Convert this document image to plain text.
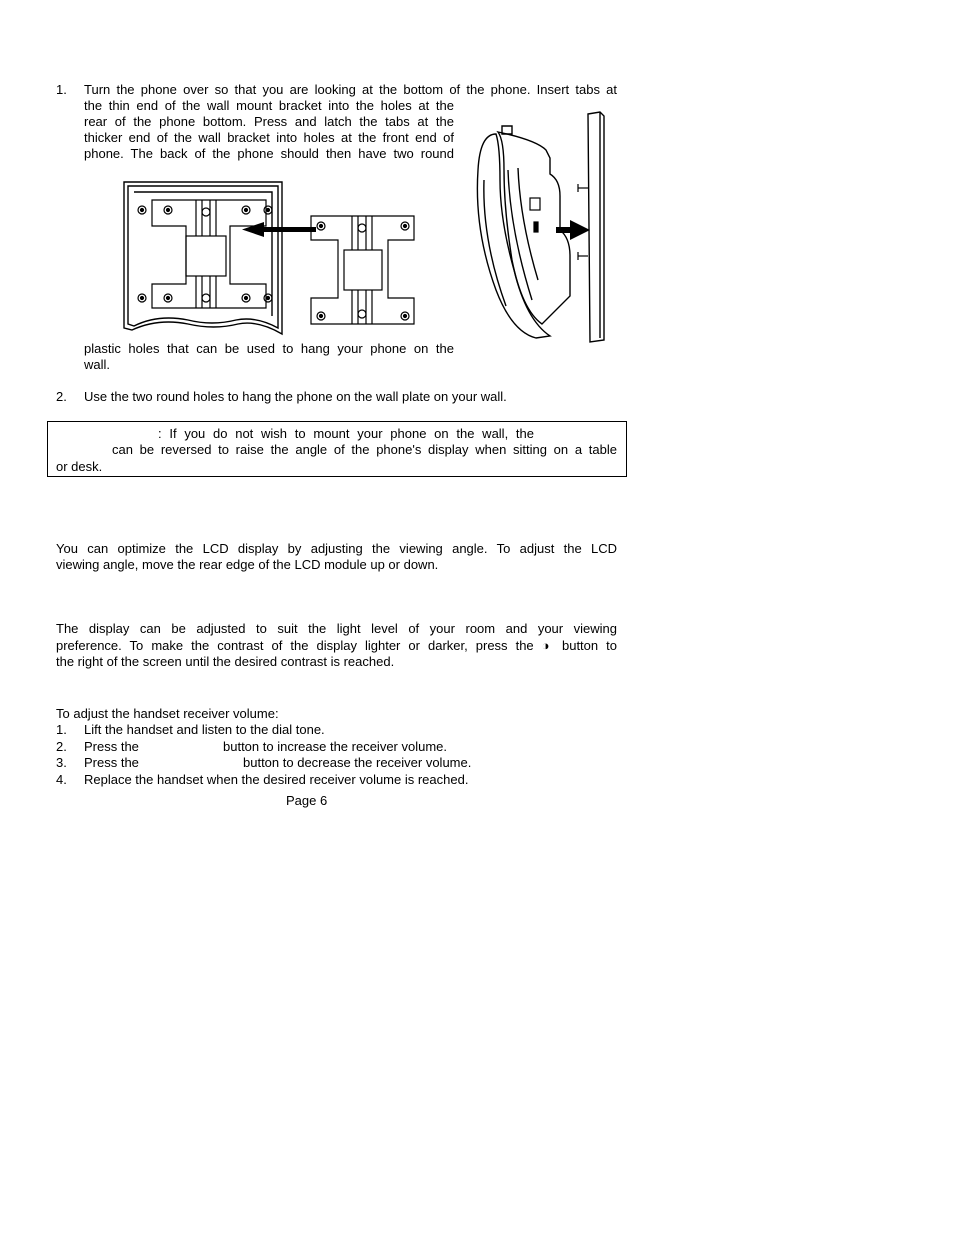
1. Turn the phone over so that you are looking at the bottom of the phone. Insert tabs at
the thin end of the wall mount bracket into the holes at the
rear of the phone bottom. Press and latch the tabs at the
thicker end of the wall bracket into holes at the front end of
phone. The back of the phone should then have two round
plastic holes that can be used to hang your phone on the
wall.
2. Use the two round holes to hang the phone on the wall plate on your wall.
: If you do not wish to mount your phone on the wall, the
can be reversed to raise the angle of the phone's display when sitting on a table
or desk.
You can optimize the LCD display by adjusting the viewing angle. To adjust the LCD
viewing angle, move the rear edge of the LCD module up or down.
The display can be adjusted to suit the light level of your room and your viewing
preference. To make the contrast of the display lighter or darker, press the ◑ button to
the right of the screen until the desired contrast is reached.
To adjust the handset receiver volume:
1. Lift the handset and listen to the dial tone.
2. Press the	button to increase the receiver volume.
3. Press the	button to decrease the receiver volume.
4. Replace the handset when the desired receiver volume is reached.
Page 6
